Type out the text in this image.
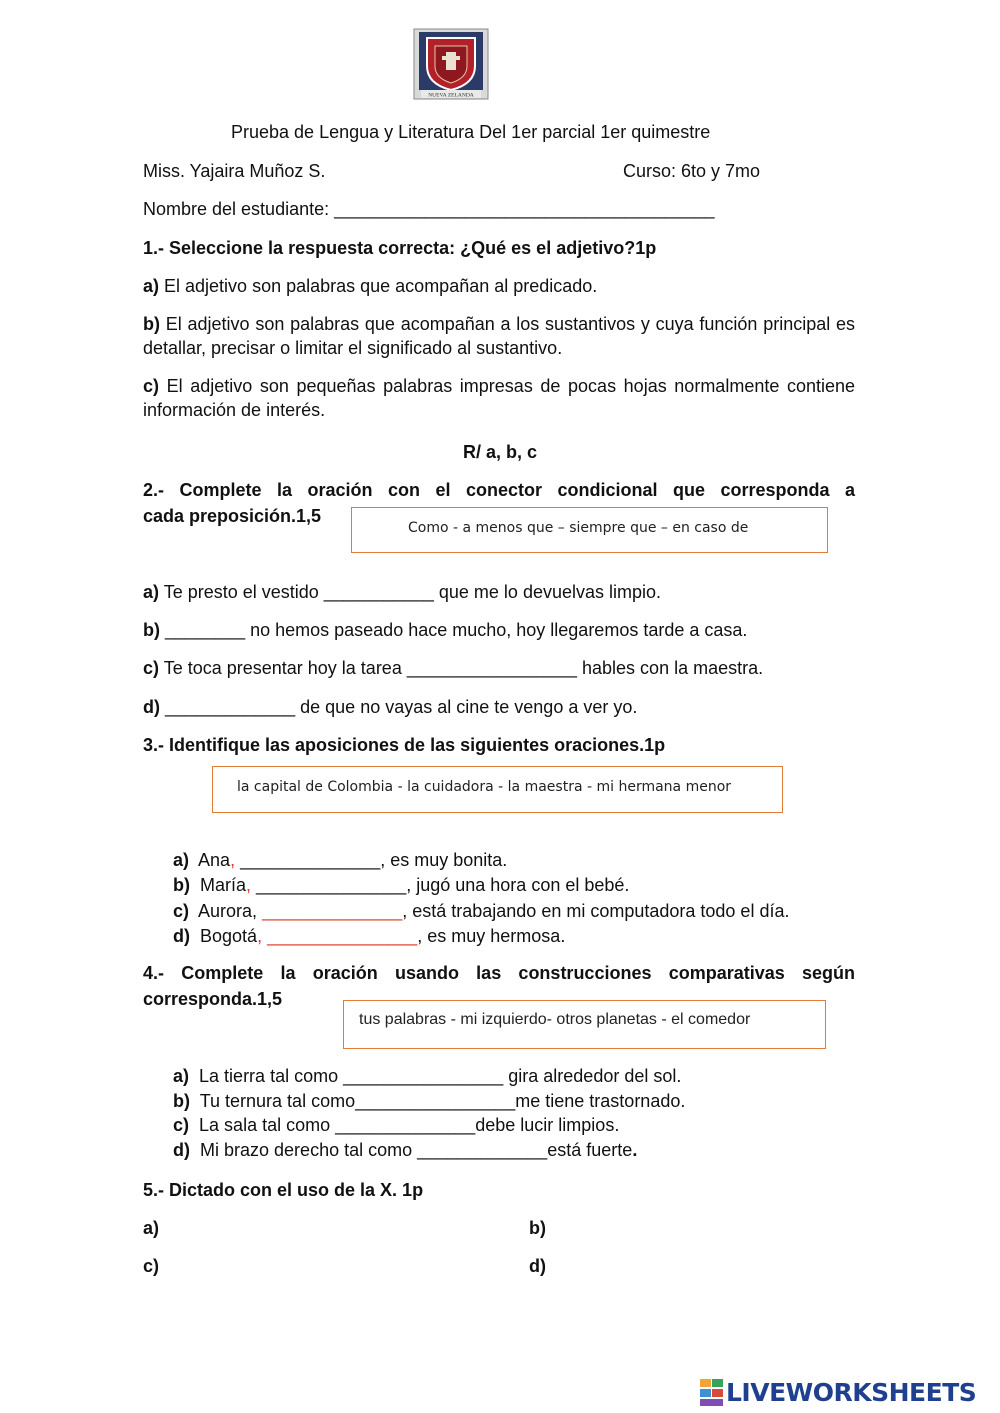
NUEVA ZELANDA
Prueba de Lengua y Literatura Del 1er parcial 1er quimestre
Miss. Yajaira Muñoz S.	Curso: 6to y 7mo
Nombre del estudiante: ______________________________________
1.- Seleccione la respuesta correcta: ¿Qué es el adjetivo?1p
a) El adjetivo son palabras que acompañan al predicado.
b) El adjetivo son palabras que acompañan a los sustantivos y cuya función principal es detallar, precisar o limitar el significado al sustantivo.
c) El adjetivo son pequeñas palabras impresas de pocas hojas normalmente contiene información de interés.
R/ a, b, c
2.- Complete la oración con el conector condicional que corresponda a
cada preposición.1,5
Como - a menos que – siempre que – en caso de
a) Te presto el vestido ___________ que me lo devuelvas limpio.
b) ________ no hemos paseado hace mucho, hoy llegaremos tarde a casa.
c) Te toca presentar hoy la tarea _________________ hables con la maestra.
d) _____________ de que no vayas al cine te vengo a ver yo.
3.- Identifique las aposiciones de las siguientes oraciones.1p
la capital de Colombia - la cuidadora - la maestra - mi hermana menor
a) Ana, ______________, es muy bonita.
b) María, _______________, jugó una hora con el bebé.
c) Aurora, ______________, está trabajando en mi computadora todo el día.
d) Bogotá, _______________, es muy hermosa.
4.- Complete la oración usando las construcciones comparativas según
corresponda.1,5
tus palabras - mi izquierdo- otros planetas - el comedor
a) La tierra tal como ________________ gira alrededor del sol.
b) Tu ternura tal como________________me tiene trastornado.
c)  La sala tal como ______________debe lucir limpios.
d)  Mi brazo derecho tal como _____________está fuerte.
5.- Dictado con el uso de la X. 1p
a)	b)
c)	d)
LIVEWORKSHEETS
